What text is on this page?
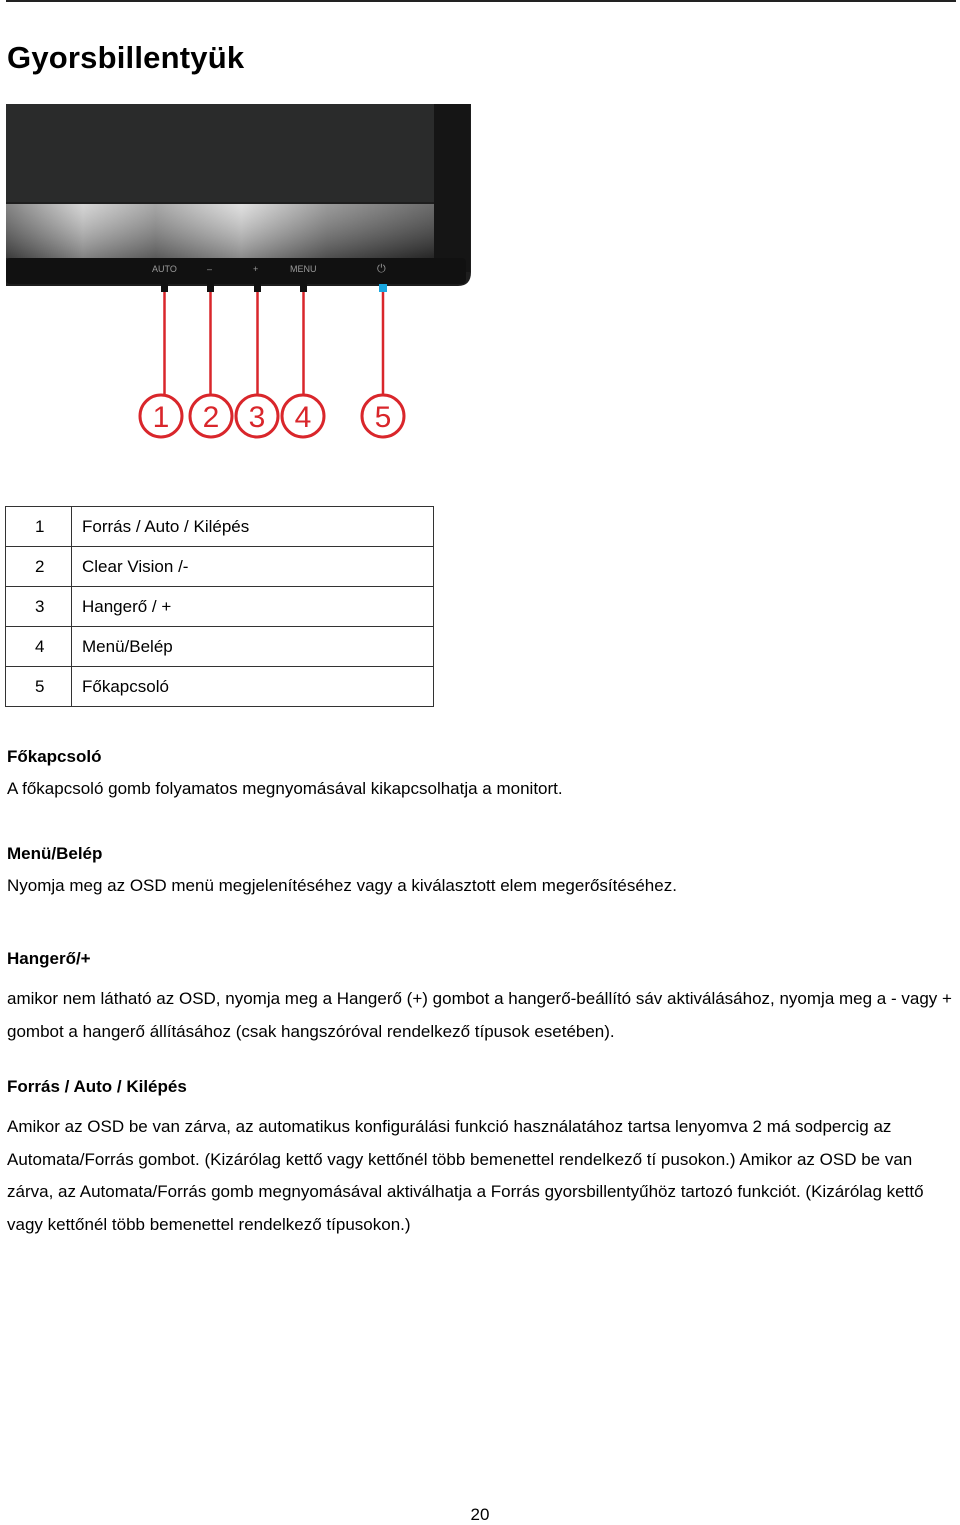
Gyorsbillentyük
AUTO	–	+	MENU	⏻
1 2 3 4 5
1	Forrás / Auto / Kilépés
2	Clear Vision /-
3	Hangerő / +
4	Menü/Belép
5	Főkapcsoló

Főkapcsoló

A főkapcsoló gomb folyamatos megnyomásával kikapcsolhatja a monitort.

Menü/Belép

Nyomja meg az OSD menü megjelenítéséhez vagy a kiválasztott elem megerősítéséhez.

Hangerő/+

amikor nem látható az OSD, nyomja meg a Hangerő (+) gombot a hangerő-beállító sáv aktiválásához, nyomja meg a - vagy + gombot a hangerő állításához (csak hangszóróval rendelkező típusok esetében).

Forrás / Auto / Kilépés

Amikor az OSD be van zárva, az automatikus konfigurálási funkció használatához tartsa lenyomva 2 má sodpercig az Automata/Forrás gombot. (Kizárólag kettő vagy kettőnél több bemenettel rendelkező tí pusokon.) Amikor az OSD be van zárva, az Automata/Forrás gomb megnyomásával aktiválhatja a Forrás gyorsbillentyűhöz tartozó funkciót. (Kizárólag kettő vagy kettőnél több bemenettel rendelkező típusokon.)

20
